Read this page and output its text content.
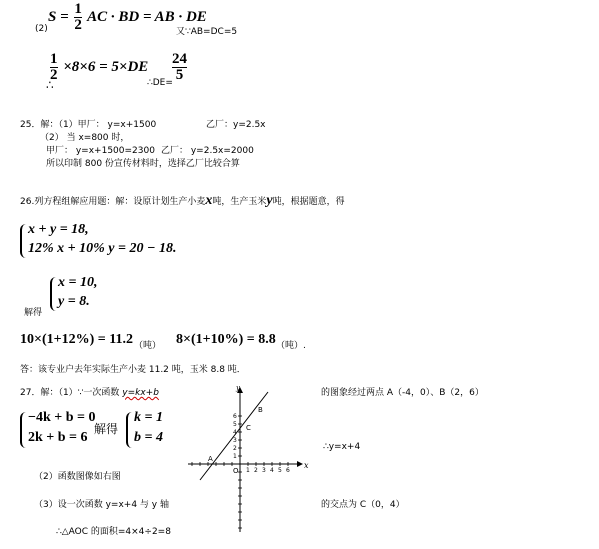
$S = \frac{1}{2}$ AC · BD = AB · DE
(2)	又∵AB=DC=5
$\frac{1}{2} \times 8\times 6 = 5\times DE$
∴	∴DE= $\frac{24}{5}$
25．解：（1）甲厂： y=x+1500	乙厂：y=2.5x
（2） 当 x=800 时，
甲厂： y=x+1500=2300 乙厂： y=2.5x=2000
所以印制 800 份宣传材料时，选择乙厂比较合算
26.列方程组解应用题：解：设原计划生产小麦x吨，生产玉米y吨，根据题意，得
x + y = 18,
12% x + 10% y = 20 − 18.
x = 10,
y = 8.
解得
10×(1+12%) = 11.2 （吨） 8×(1+10%) = 8.8 （吨）.
答：该专业户去年实际生产小麦 11.2 吨，玉米 8.8 吨．
27．解：（1）∵一次函数 y=kx+b	的图象经过两点 A（-4，0）、B（2，6）
−4k + b = 0
2k + b = 6
解得
k = 1
b = 4
∴y=x+4
（2）函数图像如右图
（3）设一次函数 y=x+4 与 y 轴	的交点为 C（0，4）
∴△AOC 的面积=4×4÷2=8
1 2 3 4 5 6
1
2
3
4
5
6
x
y
O
A
B
C
